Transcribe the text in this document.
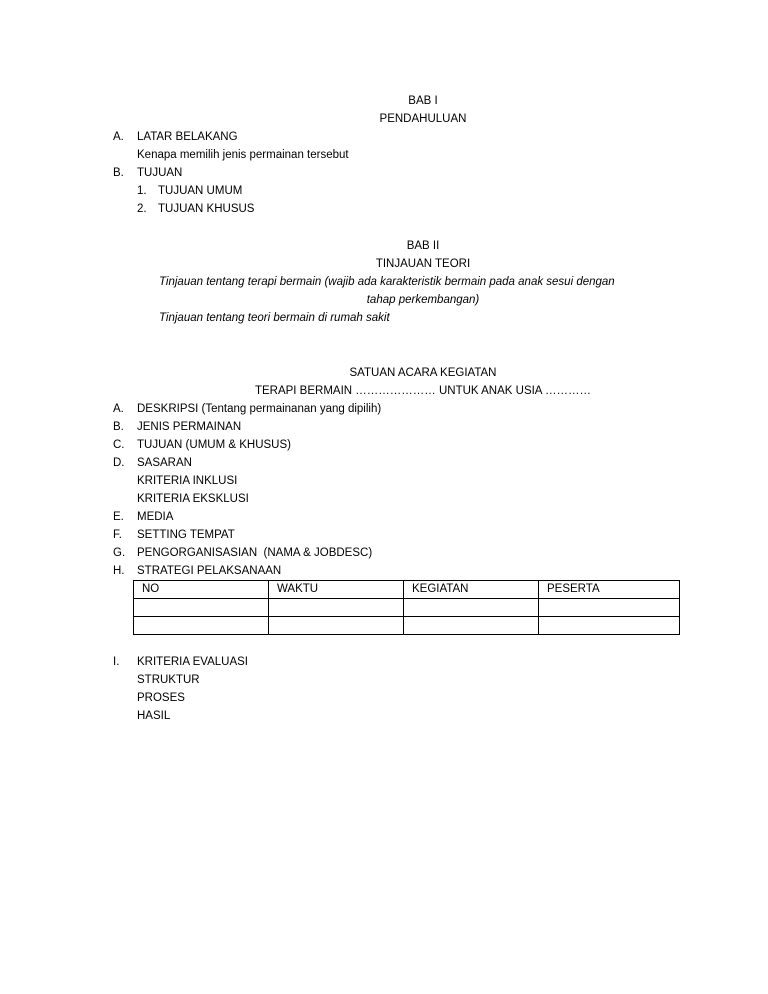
BAB I
PENDAHULUAN
A.	LATAR BELAKANG
Kenapa memilih jenis permainan tersebut
B.	TUJUAN
1. TUJUAN UMUM
2. TUJUAN KHUSUS
BAB II
TINJAUAN TEORI
Tinjauan tentang terapi bermain (wajib ada karakteristik bermain pada anak sesui dengan
tahap perkembangan)
Tinjauan tentang teori bermain di rumah sakit
SATUAN ACARA KEGIATAN
TERAPI BERMAIN ………………… UNTUK ANAK USIA …………
A.	DESKRIPSI (Tentang permainanan yang dipilih)
B.	JENIS PERMAINAN
C.	TUJUAN (UMUM & KHUSUS)
D.	SASARAN
KRITERIA INKLUSI
KRITERIA EKSKLUSI
E.	MEDIA
F.	SETTING TEMPAT
G.	PENGORGANISASIAN  (NAMA & JOBDESC)
H.	STRATEGI PELAKSANAAN
NO	WAKTU	KEGIATAN	PESERTA

I.	KRITERIA EVALUASI
STRUKTUR
PROSES
HASIL
